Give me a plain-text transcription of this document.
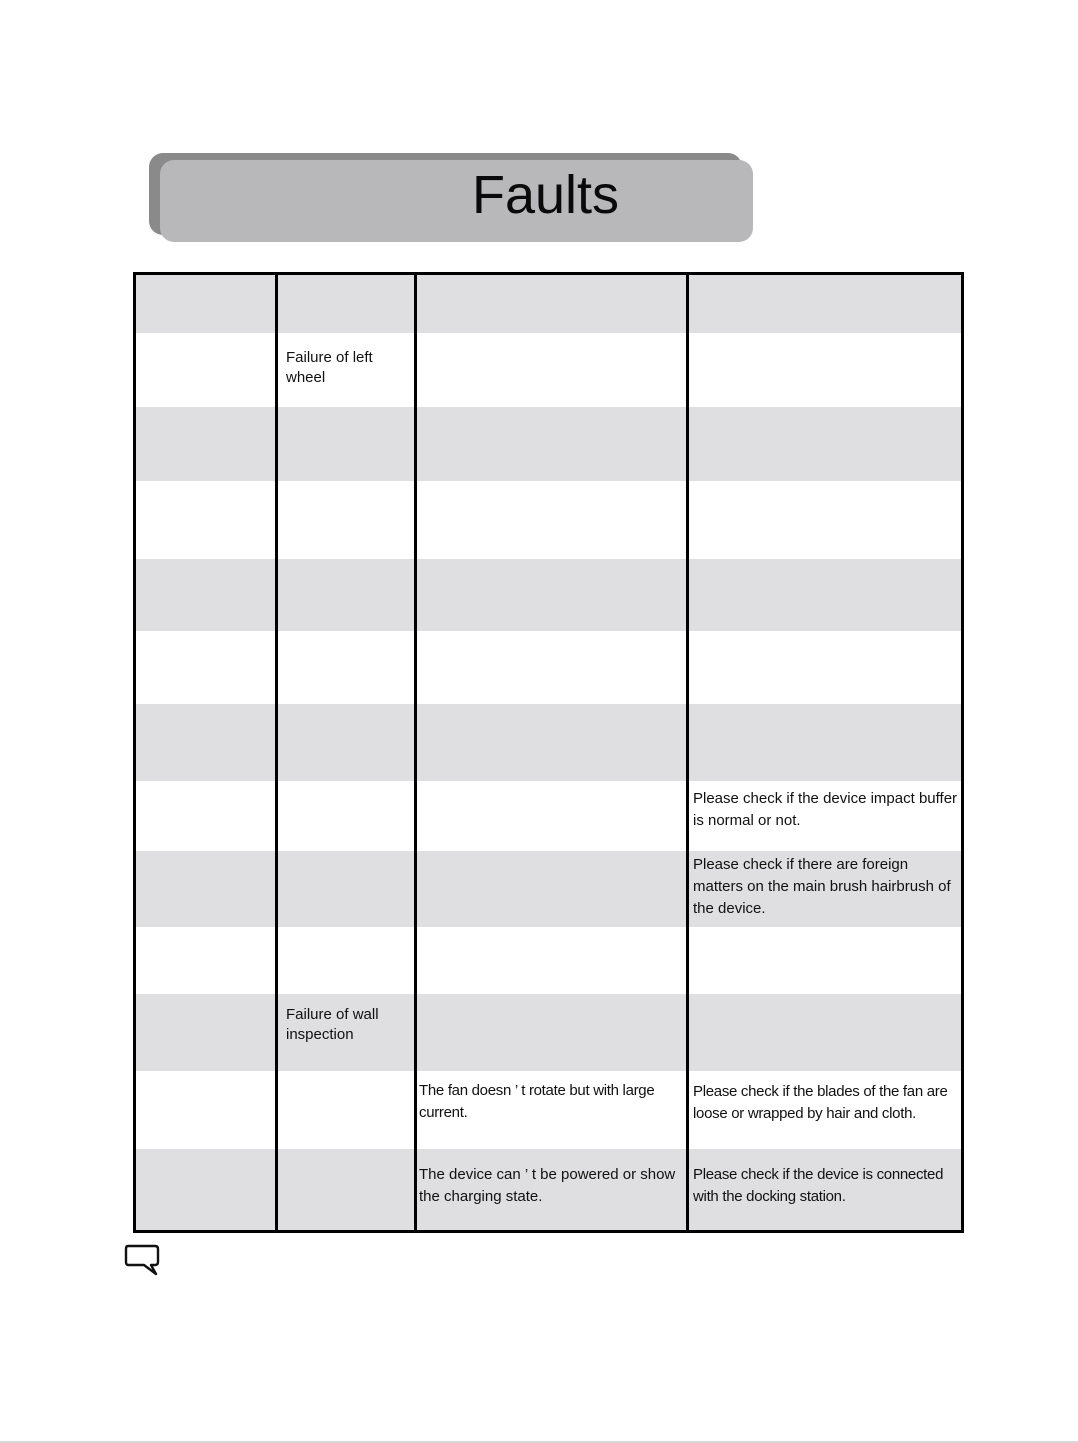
Faults
Failure of left wheel
Please check if the device impact buffer is normal or not.
Please check if there are foreign matters on the main brush hairbrush of the device.
Failure of wall inspection
The fan doesn ’ t rotate but with large current.
Please check if the blades of the fan are loose or wrapped by hair and cloth.
The device can ’ t be powered or show the charging state.
Please check if the device is connected with the docking station.
